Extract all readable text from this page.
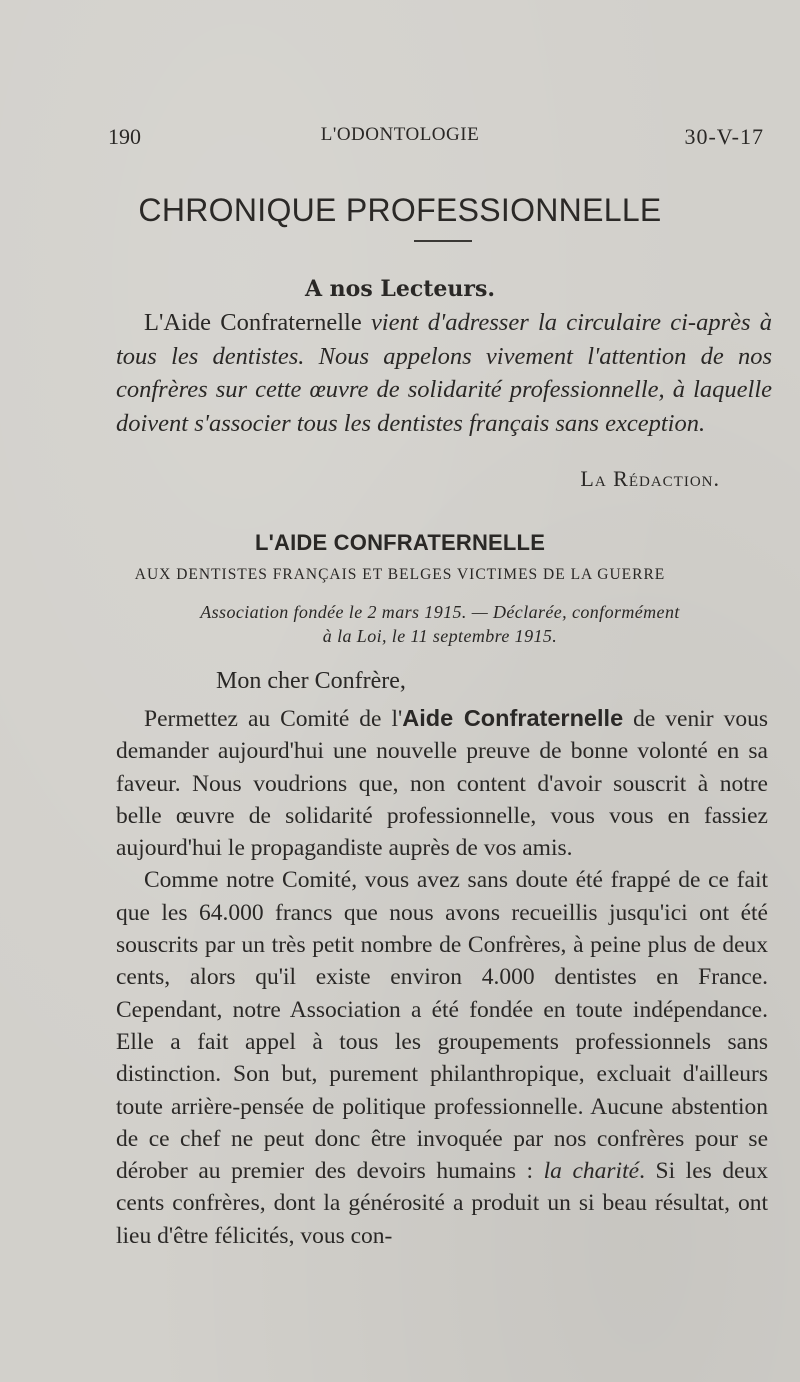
190	L'ODONTOLOGIE	30-V-17
CHRONIQUE PROFESSIONNELLE
A nos Lecteurs.

L'Aide Confraternelle vient d'adresser la circulaire ci-après à tous les dentistes. Nous appelons vivement l'attention de nos confrères sur cette œuvre de solidarité professionnelle, à laquelle doivent s'associer tous les dentistes français sans exception.

La Rédaction.
L'AIDE CONFRATERNELLE
AUX DENTISTES FRANÇAIS ET BELGES VICTIMES DE LA GUERRE
Association fondée le 2 mars 1915. — Déclarée, conformément
à la Loi, le 11 septembre 1915.
Mon cher Confrère,

Permettez au Comité de l'Aide Confraternelle de venir vous demander aujourd'hui une nouvelle preuve de bonne volonté en sa faveur. Nous voudrions que, non content d'avoir souscrit à notre belle œuvre de solidarité professionnelle, vous vous en fassiez aujourd'hui le propagandiste auprès de vos amis.

Comme notre Comité, vous avez sans doute été frappé de ce fait que les 64.000 francs que nous avons recueillis jusqu'ici ont été souscrits par un très petit nombre de Confrères, à peine plus de deux cents, alors qu'il existe environ 4.000 dentistes en France. Cependant, notre Association a été fondée en toute indépendance. Elle a fait appel à tous les groupements professionnels sans distinction. Son but, purement philanthropique, excluait d'ailleurs toute arrière-pensée de politique professionnelle. Aucune abstention de ce chef ne peut donc être invoquée par nos confrères pour se dérober au premier des devoirs humains : la charité. Si les deux cents confrères, dont la générosité a produit un si beau résultat, ont lieu d'être félicités, vous con-
